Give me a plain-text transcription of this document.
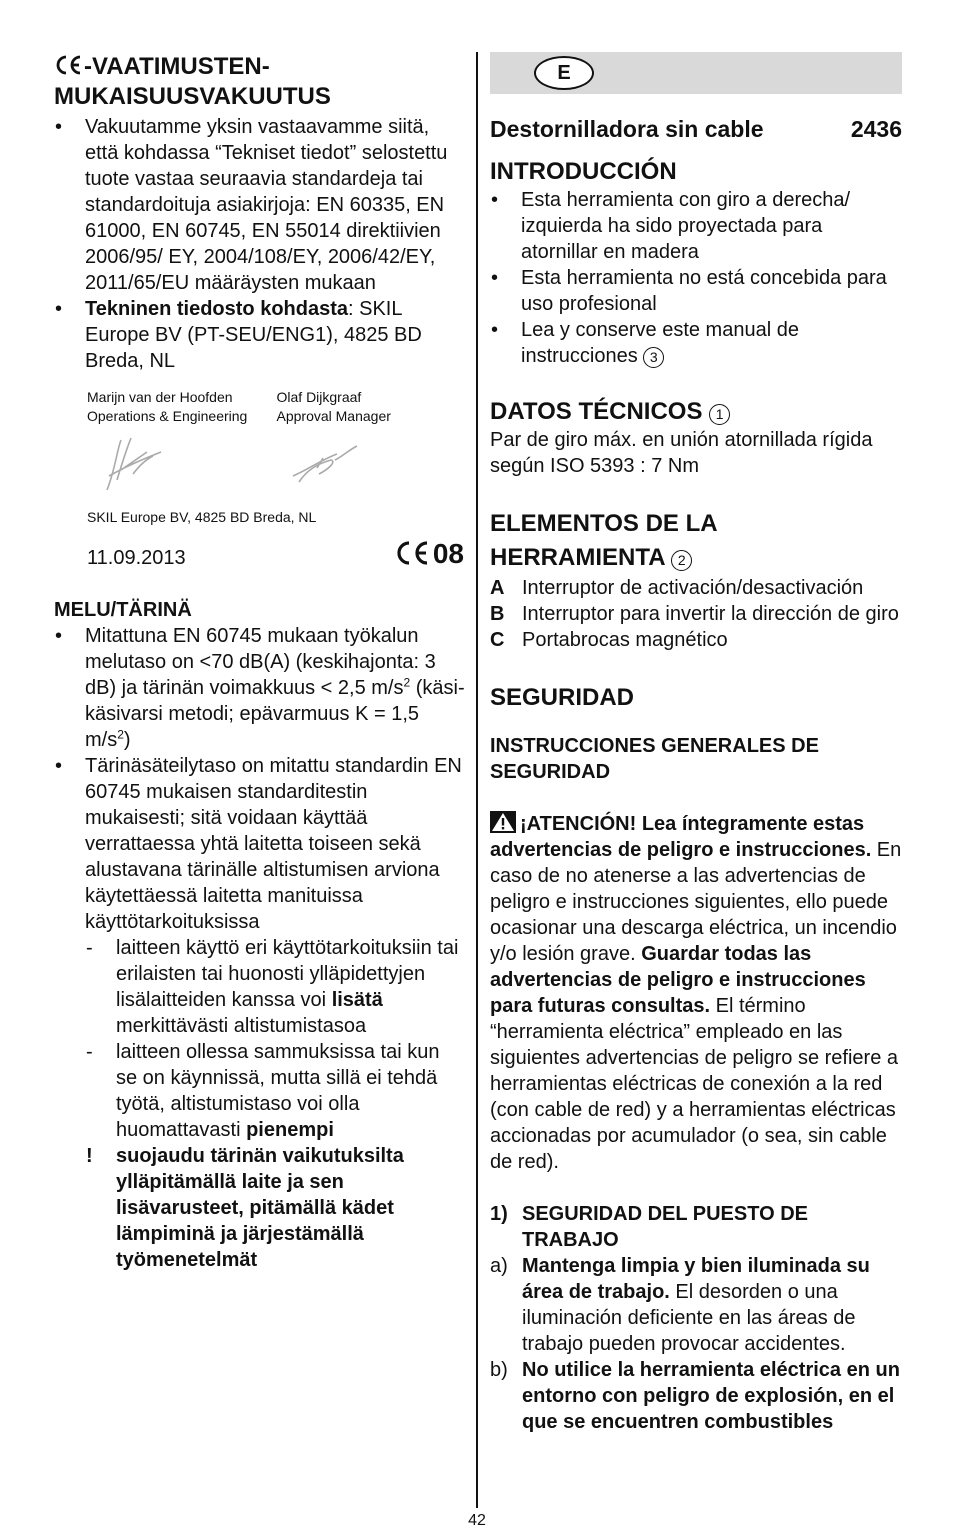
-VAATIMUSTEN-
MUKAISUUSVAKUUTUS
• Vakuutamme yksin vastaavamme siitä, että kohdassa “Tekniset tiedot” selostettu tuote vastaa seuraavia standardeja tai standardoituja asiakirjoja: EN 60335, EN 61000, EN 60745, EN 55014 direktiivien 2006/95/ EY, 2004/108/EY, 2006/42/EY, 2011/65/EU määräysten mukaan
• Tekninen tiedosto kohdasta: SKIL Europe BV (PT-SEU/ENG1), 4825 BD Breda, NL
Marijn van der Hoofden
Operations & Engineering
Olaf Dijkgraaf
Approval Manager
SKIL Europe BV, 4825 BD Breda, NL
11.09.2013	08
MELU/TÄRINÄ
• Mitattuna EN 60745 mukaan työkalun melutaso on <70 dB(A) (keskihajonta: 3 dB) ja tärinän voimakkuus < 2,5 $m/s^2$ (käsi-käsivarsi metodi; epävarmuus K = 1,5 $m/s^2$)
• Tärinäsäteilytaso on mitattu standardin EN 60745 mukaisen standarditestin mukaisesti; sitä voidaan käyttää verrattaessa yhtä laitetta toiseen sekä alustavana tärinälle altistumisen arviona käytettäessä laitetta manituissa käyttötarkoituksissa
- laitteen käyttö eri käyttötarkoituksiin tai erilaisten tai huonosti ylläpidettyjen lisälaitteiden kanssa voi lisätä merkittävästi altistumistasoa
- laitteen ollessa sammuksissa tai kun se on käynnissä, mutta sillä ei tehdä työtä, altistumistaso voi olla huomattavasti pienempi
! suojaudu tärinän vaikutuksilta ylläpitämällä laite ja sen lisävarusteet, pitämällä kädet lämpiminä ja järjestämällä työmenetelmät
E
Destornilladora sin cable	2436
INTRODUCCIÓN
• Esta herramienta con giro a derecha/ izquierda ha sido proyectada para atornillar en madera
• Esta herramienta no está concebida para uso profesional
• Lea y conserve este manual de instrucciones 3
DATOS TÉCNICOS 1
Par de giro máx. en unión atornillada rígida según ISO 5393 : 7 Nm
ELEMENTOS DE LA
HERRAMIENTA 2
A Interruptor de activación/desactivación
B Interruptor para invertir la dirección de giro
C Portabrocas magnético
SEGURIDAD
INSTRUCCIONES GENERALES DE SEGURIDAD
¡ATENCIÓN! Lea íntegramente estas advertencias de peligro e instrucciones. En caso de no atenerse a las advertencias de peligro e instrucciones siguientes, ello puede ocasionar una descarga eléctrica, un incendio y/o lesión grave. Guardar todas las advertencias de peligro e instrucciones para futuras consultas. El término “herramienta eléctrica” empleado en las siguientes advertencias de peligro se refiere a herramientas eléctricas de conexión a la red (con cable de red) y a herramientas eléctricas accionadas por acumulador (o sea, sin cable de red).
1) SEGURIDAD DEL PUESTO DE TRABAJO
a) Mantenga limpia y bien iluminada su área de trabajo. El desorden o una iluminación deficiente en las áreas de trabajo pueden provocar accidentes.
b) No utilice la herramienta eléctrica en un entorno con peligro de explosión, en el que se encuentren combustibles
42
